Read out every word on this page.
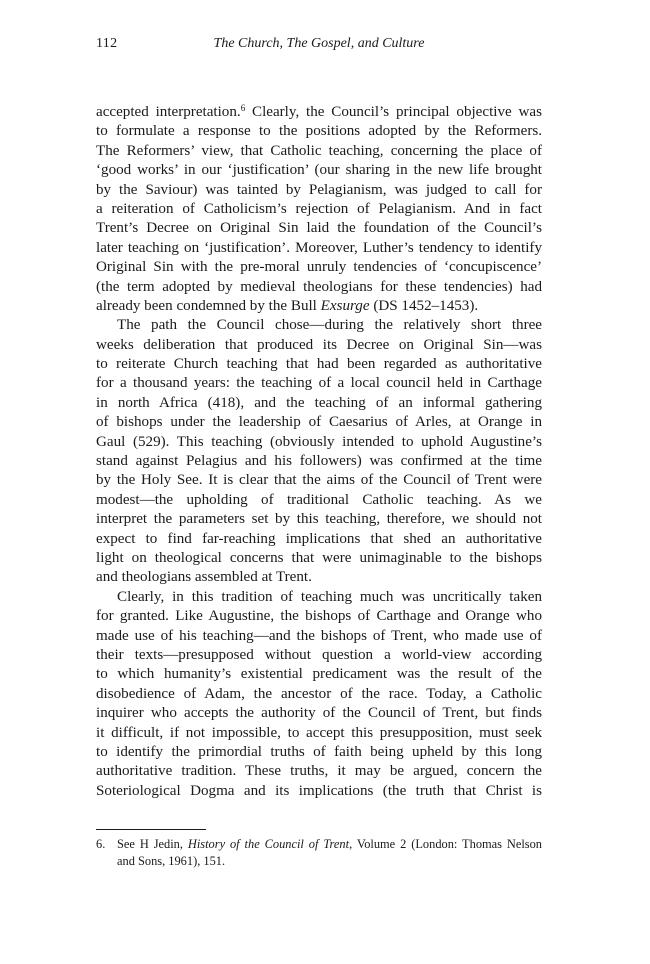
112	The Church, The Gospel, and Culture
accepted interpretation.$^6$ Clearly, the Council’s principal objective was
to formulate a response to the positions adopted by the Reformers.
The Reformers’ view, that Catholic teaching, concerning the place of
‘good works’ in our ‘justification’ (our sharing in the new life brought
by the Saviour) was tainted by Pelagianism, was judged to call for
a reiteration of Catholicism’s rejection of Pelagianism. And in fact
Trent’s Decree on Original Sin laid the foundation of the Council’s
later teaching on ‘justification’. Moreover, Luther’s tendency to identify
Original Sin with the pre-moral unruly tendencies of ‘concupiscence’
(the term adopted by medieval theologians for these tendencies) had
already been condemned by the Bull Exsurge (DS 1452–1453).
The path the Council chose—during the relatively short three
weeks deliberation that produced its Decree on Original Sin—was
to reiterate Church teaching that had been regarded as authoritative
for a thousand years: the teaching of a local council held in Carthage
in north Africa (418), and the teaching of an informal gathering
of bishops under the leadership of Caesarius of Arles, at Orange in
Gaul (529). This teaching (obviously intended to uphold Augustine’s
stand against Pelagius and his followers) was confirmed at the time
by the Holy See. It is clear that the aims of the Council of Trent were
modest—the upholding of traditional Catholic teaching. As we
interpret the parameters set by this teaching, therefore, we should not
expect to find far-reaching implications that shed an authoritative
light on theological concerns that were unimaginable to the bishops
and theologians assembled at Trent.
Clearly, in this tradition of teaching much was uncritically taken
for granted. Like Augustine, the bishops of Carthage and Orange who
made use of his teaching—and the bishops of Trent, who made use of
their texts—presupposed without question a world-view according
to which humanity’s existential predicament was the result of the
disobedience of Adam, the ancestor of the race. Today, a Catholic
inquirer who accepts the authority of the Council of Trent, but finds
it difficult, if not impossible, to accept this presupposition, must seek
to identify the primordial truths of faith being upheld by this long
authoritative tradition. These truths, it may be argued, concern the
Soteriological Dogma and its implications (the truth that Christ is
6. See H Jedin, History of the Council of Trent, Volume 2 (London: Thomas Nelson
and Sons, 1961), 151.
